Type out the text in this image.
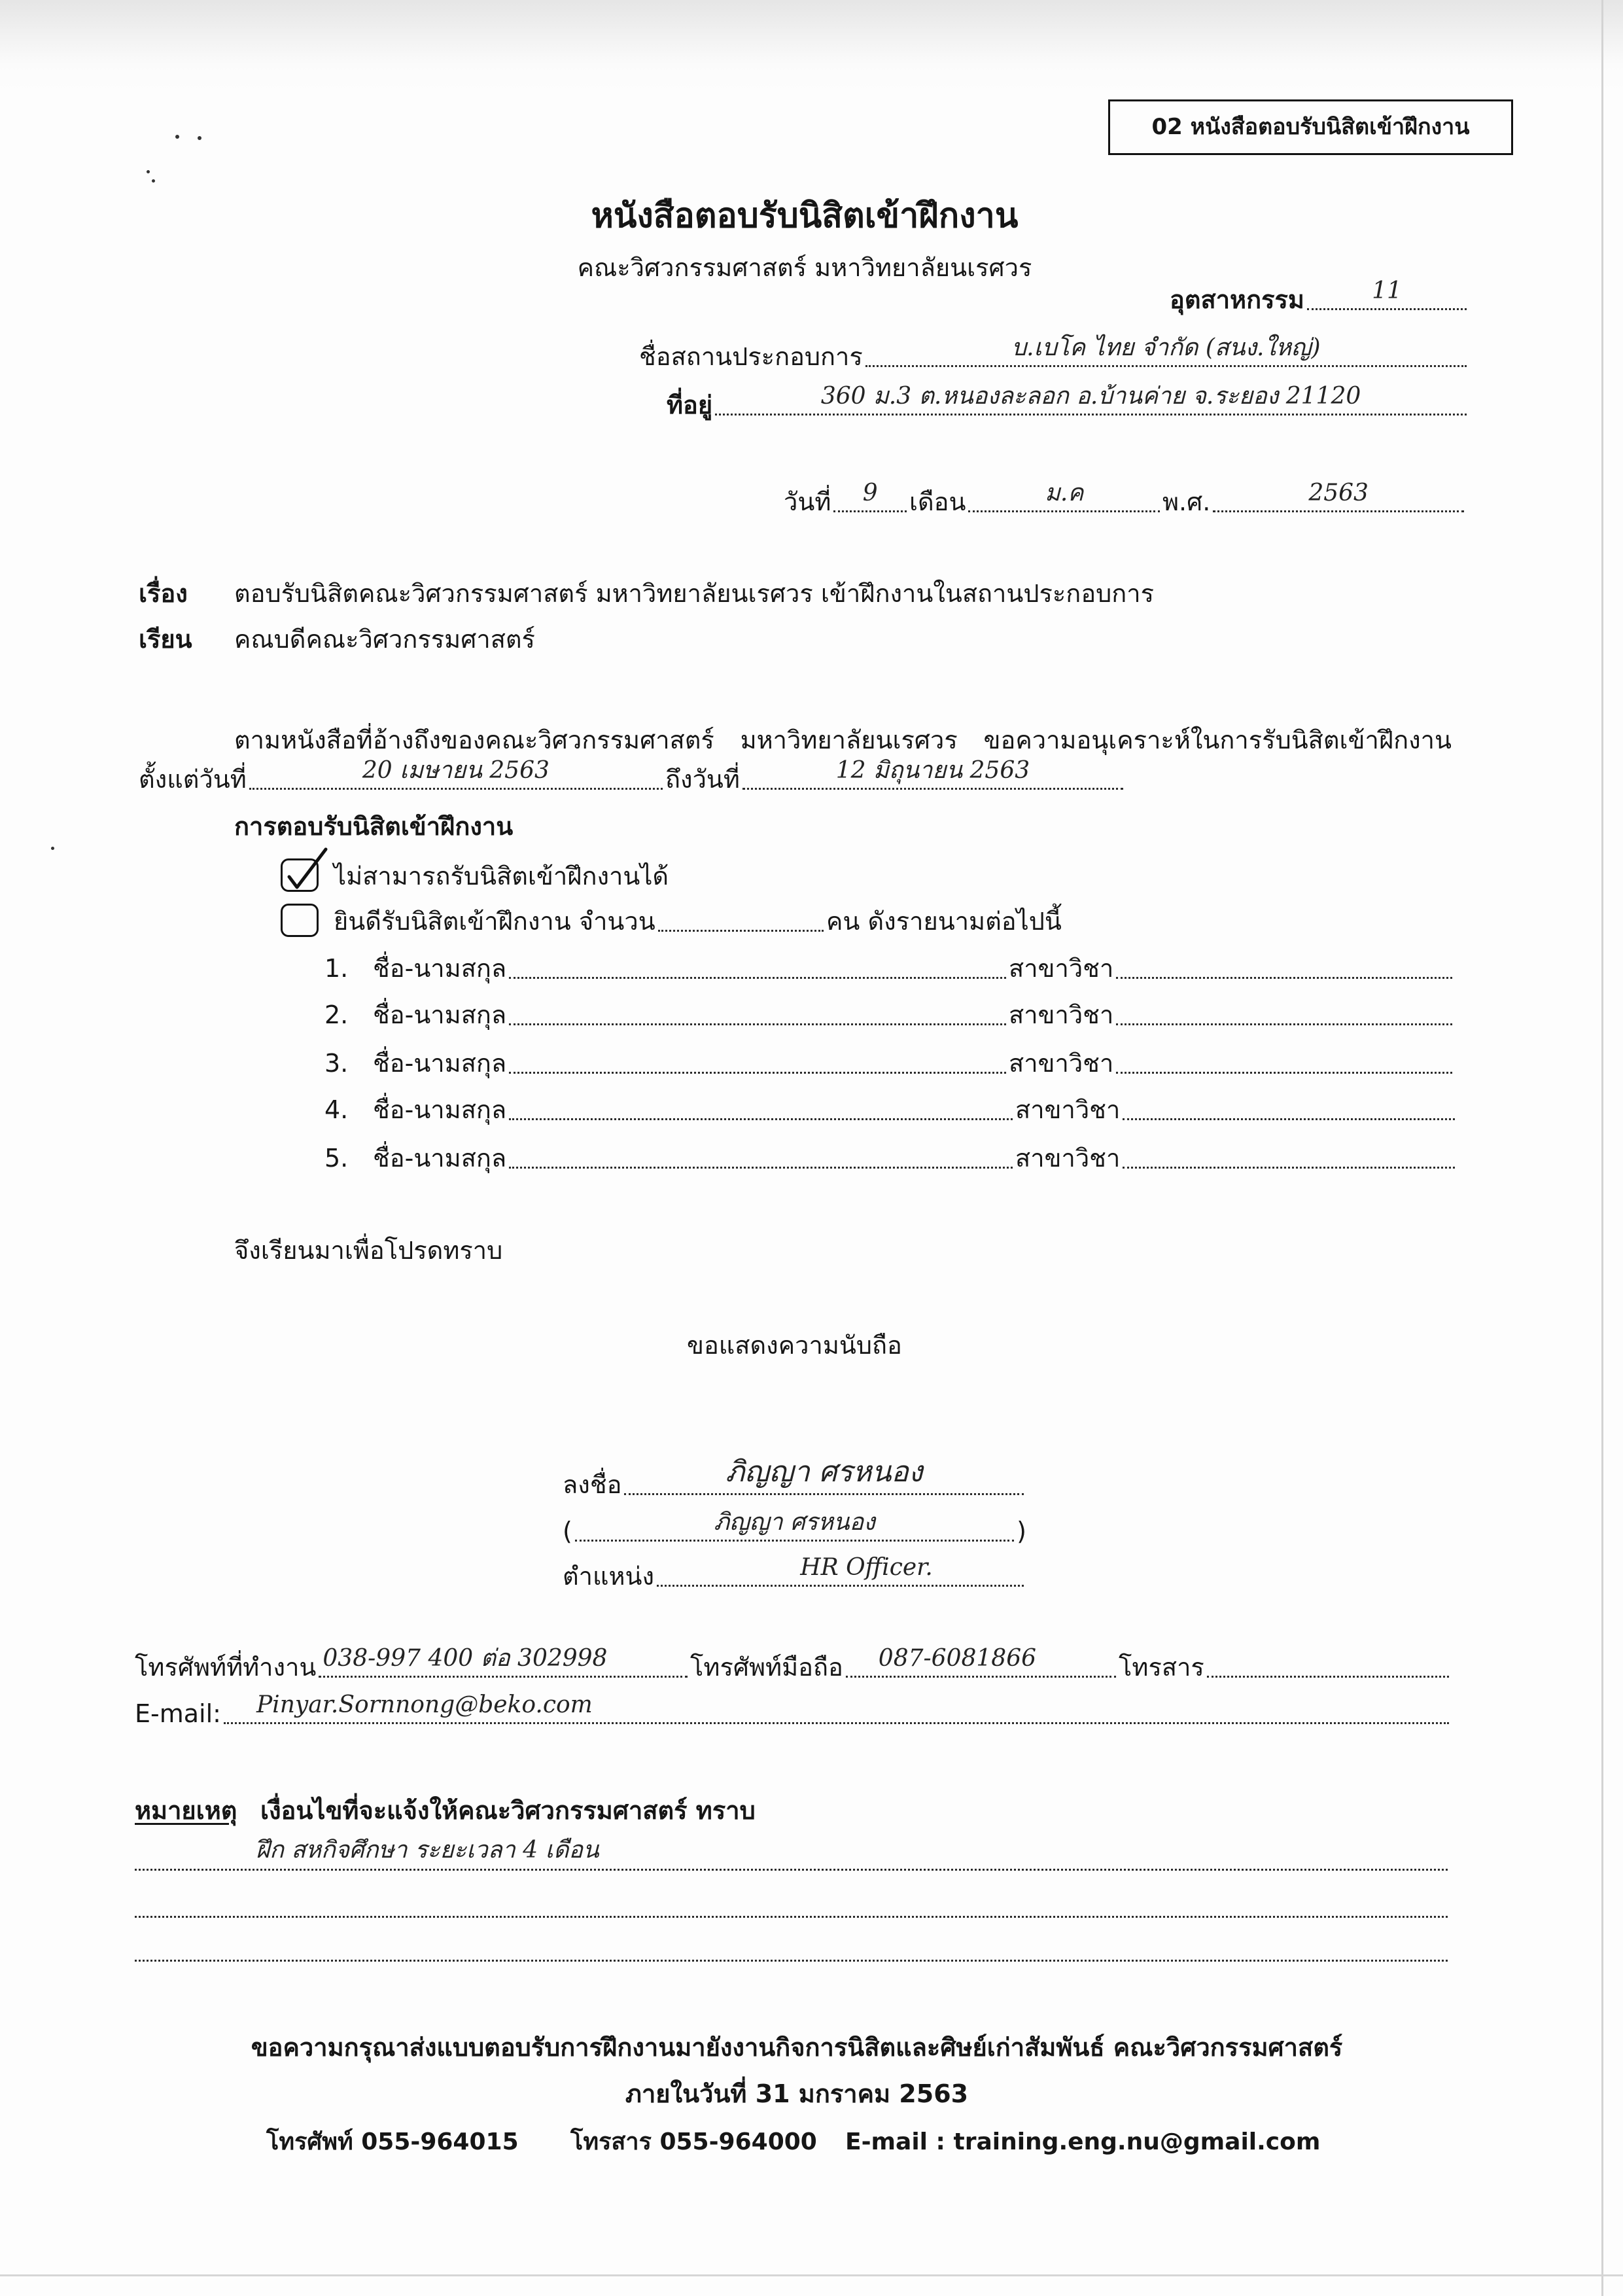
02 หนังสือตอบรับนิสิตเข้าฝึกงาน
หนังสือตอบรับนิสิตเข้าฝึกงาน
คณะวิศวกรรมศาสตร์ มหาวิทยาลัยนเรศวร
อุตสาหกรรม	11
ชื่อสถานประกอบการ	บ.เบโค ไทย จำกัด (สนง.ใหญ่)
ที่อยู่	360 ม.3 ต.หนองละลอก อ.บ้านค่าย จ.ระยอง 21120
วันที่	9	เดือน	ม.ค	พ.ศ.	2563
เรื่อง ตอบรับนิสิตคณะวิศวกรรมศาสตร์ มหาวิทยาลัยนเรศวร เข้าฝึกงานในสถานประกอบการ
เรียน คณบดีคณะวิศวกรรมศาสตร์
ตามหนังสือที่อ้างถึงของคณะวิศวกรรมศาสตร์ มหาวิทยาลัยนเรศวร ขอความอนุเคราะห์ในการรับนิสิตเข้าฝึกงาน
ตั้งแต่วันที่	20 เมษายน 2563	ถึงวันที่	12 มิถุนายน 2563
การตอบรับนิสิตเข้าฝึกงาน
ไม่สามารถรับนิสิตเข้าฝึกงานได้
ยินดีรับนิสิตเข้าฝึกงาน จำนวน	คน ดังรายนามต่อไปนี้
1. ชื่อ-นามสกุล	สาขาวิชา
2. ชื่อ-นามสกุล	สาขาวิชา
3. ชื่อ-นามสกุล	สาขาวิชา
4. ชื่อ-นามสกุล	สาขาวิชา
5. ชื่อ-นามสกุล	สาขาวิชา
จึงเรียนมาเพื่อโปรดทราบ
ขอแสดงความนับถือ
ลงชื่อ	ภิญญา ศรหนอง
(	ภิญญา ศรหนอง	)
ตำแหน่ง	HR Officer.
โทรศัพท์ที่ทำงาน 038-997 400 ต่อ 302998	โทรศัพท์มือถือ 087-6081866	โทรสาร
E-mail: Pinyar.Sornnong@beko.com
หมายเหตุ เงื่อนไขที่จะแจ้งให้คณะวิศวกรรมศาสตร์ ทราบ
ฝึก สหกิจศึกษา ระยะเวลา 4 เดือน
ขอความกรุณาส่งแบบตอบรับการฝึกงานมายังงานกิจการนิสิตและศิษย์เก่าสัมพันธ์ คณะวิศวกรรมศาสตร์
ภายในวันที่ 31 มกราคม 2563
โทรศัพท์ 055-964015 โทรสาร 055-964000 E-mail : training.eng.nu@gmail.com
